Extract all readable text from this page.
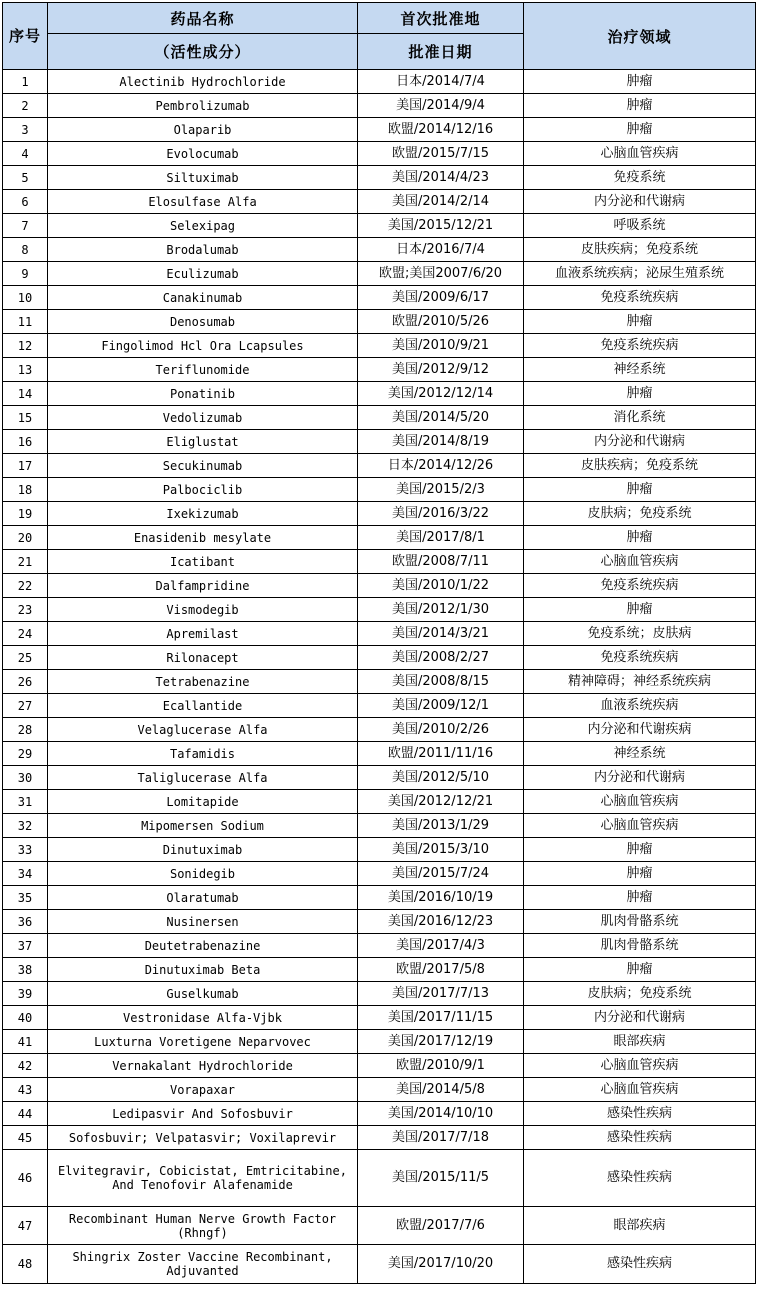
序号	药品名称	首次批准地	治疗领域
	（活性成分）	批准日期	
1	Alectinib Hydrochloride	日本/2014/7/4	肿瘤
2	Pembrolizumab	美国/2014/9/4	肿瘤
3	Olaparib	欧盟/2014/12/16	肿瘤
4	Evolocumab	欧盟/2015/7/15	心脑血管疾病
5	Siltuximab	美国/2014/4/23	免疫系统
6	Elosulfase Alfa	美国/2014/2/14	内分泌和代谢病
7	Selexipag	美国/2015/12/21	呼吸系统
8	Brodalumab	日本/2016/7/4	皮肤疾病；免疫系统
9	Eculizumab	欧盟;美国2007/6/20	血液系统疾病；泌尿生殖系统
10	Canakinumab	美国/2009/6/17	免疫系统疾病
11	Denosumab	欧盟/2010/5/26	肿瘤
12	Fingolimod Hcl Ora Lcapsules	美国/2010/9/21	免疫系统疾病
13	Teriflunomide	美国/2012/9/12	神经系统
14	Ponatinib	美国/2012/12/14	肿瘤
15	Vedolizumab	美国/2014/5/20	消化系统
16	Eliglustat	美国/2014/8/19	内分泌和代谢病
17	Secukinumab	日本/2014/12/26	皮肤疾病；免疫系统
18	Palbociclib	美国/2015/2/3	肿瘤
19	Ixekizumab	美国/2016/3/22	皮肤病；免疫系统
20	Enasidenib mesylate	美国/2017/8/1	肿瘤
21	Icatibant	欧盟/2008/7/11	心脑血管疾病
22	Dalfampridine	美国/2010/1/22	免疫系统疾病
23	Vismodegib	美国/2012/1/30	肿瘤
24	Apremilast	美国/2014/3/21	免疫系统；皮肤病
25	Rilonacept	美国/2008/2/27	免疫系统疾病
26	Tetrabenazine	美国/2008/8/15	精神障碍；神经系统疾病
27	Ecallantide	美国/2009/12/1	血液系统疾病
28	Velaglucerase Alfa	美国/2010/2/26	内分泌和代谢疾病
29	Tafamidis	欧盟/2011/11/16	神经系统
30	Taliglucerase Alfa	美国/2012/5/10	内分泌和代谢病
31	Lomitapide	美国/2012/12/21	心脑血管疾病
32	Mipomersen Sodium	美国/2013/1/29	心脑血管疾病
33	Dinutuximab	美国/2015/3/10	肿瘤
34	Sonidegib	美国/2015/7/24	肿瘤
35	Olaratumab	美国/2016/10/19	肿瘤
36	Nusinersen	美国/2016/12/23	肌肉骨骼系统
37	Deutetrabenazine	美国/2017/4/3	肌肉骨骼系统
38	Dinutuximab Beta	欧盟/2017/5/8	肿瘤
39	Guselkumab	美国/2017/7/13	皮肤病；免疫系统
40	Vestronidase Alfa-Vjbk	美国/2017/11/15	内分泌和代谢病
41	Luxturna Voretigene Neparvovec	美国/2017/12/19	眼部疾病
42	Vernakalant Hydrochloride	欧盟/2010/9/1	心脑血管疾病
43	Vorapaxar	美国/2014/5/8	心脑血管疾病
44	Ledipasvir And Sofosbuvir	美国/2014/10/10	感染性疾病
45	Sofosbuvir; Velpatasvir; Voxilaprevir	美国/2017/7/18	感染性疾病
46	Elvitegravir, Cobicistat, Emtricitabine, And Tenofovir Alafenamide	美国/2015/11/5	感染性疾病
47	Recombinant Human Nerve Growth Factor (Rhngf)	欧盟/2017/7/6	眼部疾病
48	Shingrix Zoster Vaccine Recombinant, Adjuvanted	美国/2017/10/20	感染性疾病
